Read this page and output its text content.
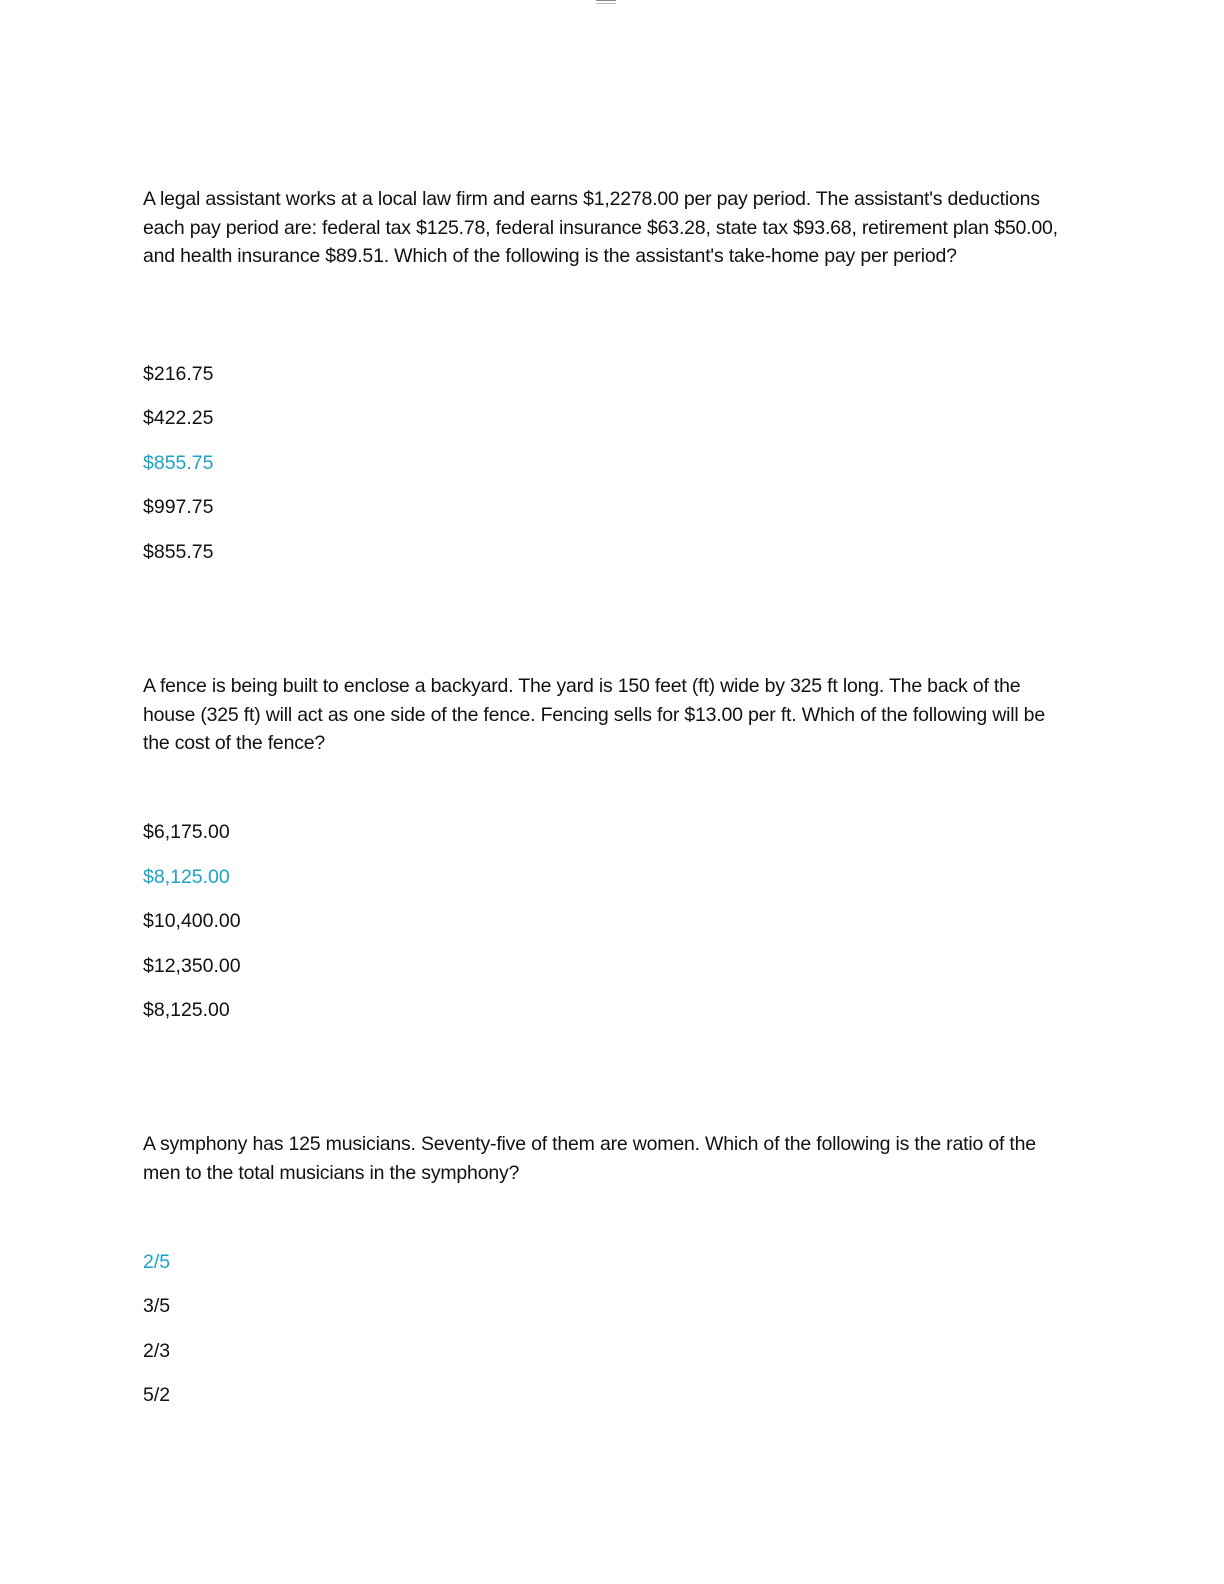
A legal assistant works at a local law firm and earns $1,2278.00 per pay period. The assistant's deductions each pay period are: federal tax $125.78, federal insurance $63.28, state tax $93.68, retirement plan $50.00, and health insurance $89.51. Which of the following is the assistant's take-home pay per period?

$216.75

$422.25

$855.75

$997.75

$855.75

A fence is being built to enclose a backyard. The yard is 150 feet (ft) wide by 325 ft long. The back of the house (325 ft) will act as one side of the fence. Fencing sells for $13.00 per ft. Which of the following will be the cost of the fence?

$6,175.00

$8,125.00

$10,400.00

$12,350.00

$8,125.00

A symphony has 125 musicians. Seventy-five of them are women. Which of the following is the ratio of the men to the total musicians in the symphony?

2/5

3/5

2/3

5/2
